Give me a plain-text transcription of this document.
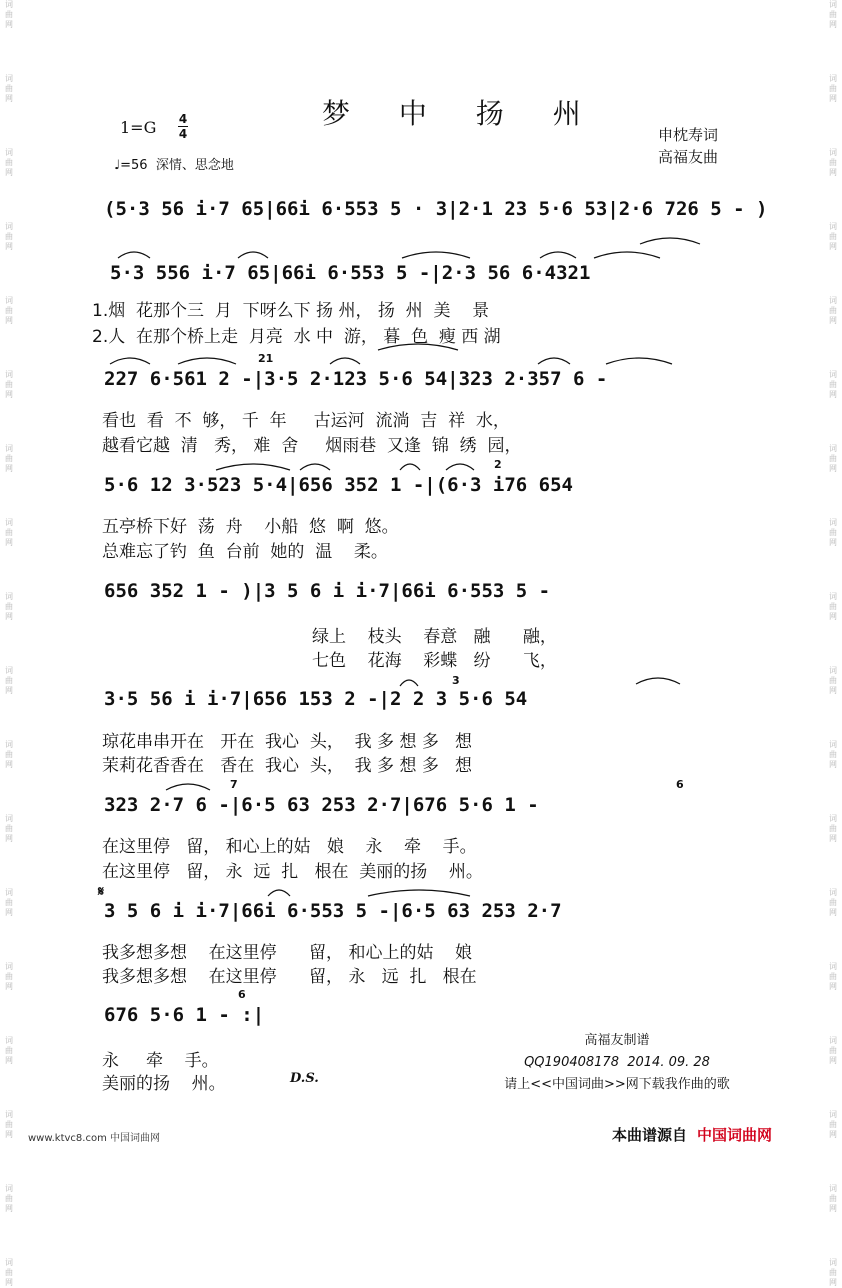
词
曲
网
词
曲
网
词
曲
网
词
曲
网
词
曲
网
词
曲
网
词
曲
网
词
曲
网
词
曲
网
词
曲
网
词
曲
网
词
曲
网
词
曲
网
词
曲
网
词
曲
网
词
曲
网
词
曲
网
词
曲
网
词
曲
网
词
曲
网
词
曲
网
词
曲
网
词
曲
网
词
曲
网
词
曲
网
词
曲
网
词
曲
网
词
曲
网
词
曲
网
词
曲
网
词
曲
网
词
曲
网
词
曲
网
词
曲
网
词
曲
网
词
曲
网
梦 中 扬 州
1=G 4
4
♩=56  深情、思念地
申枕寿词
高福友曲
(5·3 56 i·7 65|66i 6·553 5 · 3|2·1 23 5·6 53|2·6 726 5 - )
5·3 556 i·7 65|66i 6·553 5 -|2·3 56 6·4321
1.烟  花那个三  月  下呀么下 扬 州， 扬  州  美    景
2.人  在那个桥上走  月亮  水 中  游， 暮  色  瘦 西 湖
227 6·561 2 -|3·5 2·123 5·6 54|323 2·357 6 -
21
看也  看  不  够， 千  年     古运河  流淌  吉  祥  水，
越看它越  清   秀， 难  舍     烟雨巷  又逢  锦  绣  园，
5·6 12 3·523 5·4|656 352 1 -|(6·3 i76 654
2
五亭桥下好  荡  舟    小船  悠  啊  悠。
总难忘了钓  鱼  台前  她的  温    柔。
656 352 1 - )|3 5 6 i i·7|66i 6·553 5 -
绿上    枝头    春意   融      融，
七色    花海    彩蝶   纷      飞，
3·5 56 i i·7|656 153 2 -|2 2 3 5·6 54
3
琼花串串开在   开在  我心  头，  我 多 想 多   想
茉莉花香香在   香在  我心  头，  我 多 想 多   想
323 2·7 6 -|6·5 63 253 2·7|676 5·6 1 -
7	6
在这里停   留， 和心上的姑   娘    永    牵    手。
在这里停   留， 永  远  扎   根在  美丽的扬    州。
3 5 6 i i·7|66i 6·553 5 -|6·5 63 253 2·7
𝄋
我多想多想    在这里停      留， 和心上的姑    娘
我多想多想    在这里停      留， 永   远  扎   根在
676 5·6 1 - :|
6
永     牵    手。
美丽的扬    州。	D.S.
高福友制谱
QQ190408178  2014. 09. 28
请上<<中国词曲>>网下载我作曲的歌
www.ktvc8.com 中国词曲网	本曲谱源自 中国词曲网
